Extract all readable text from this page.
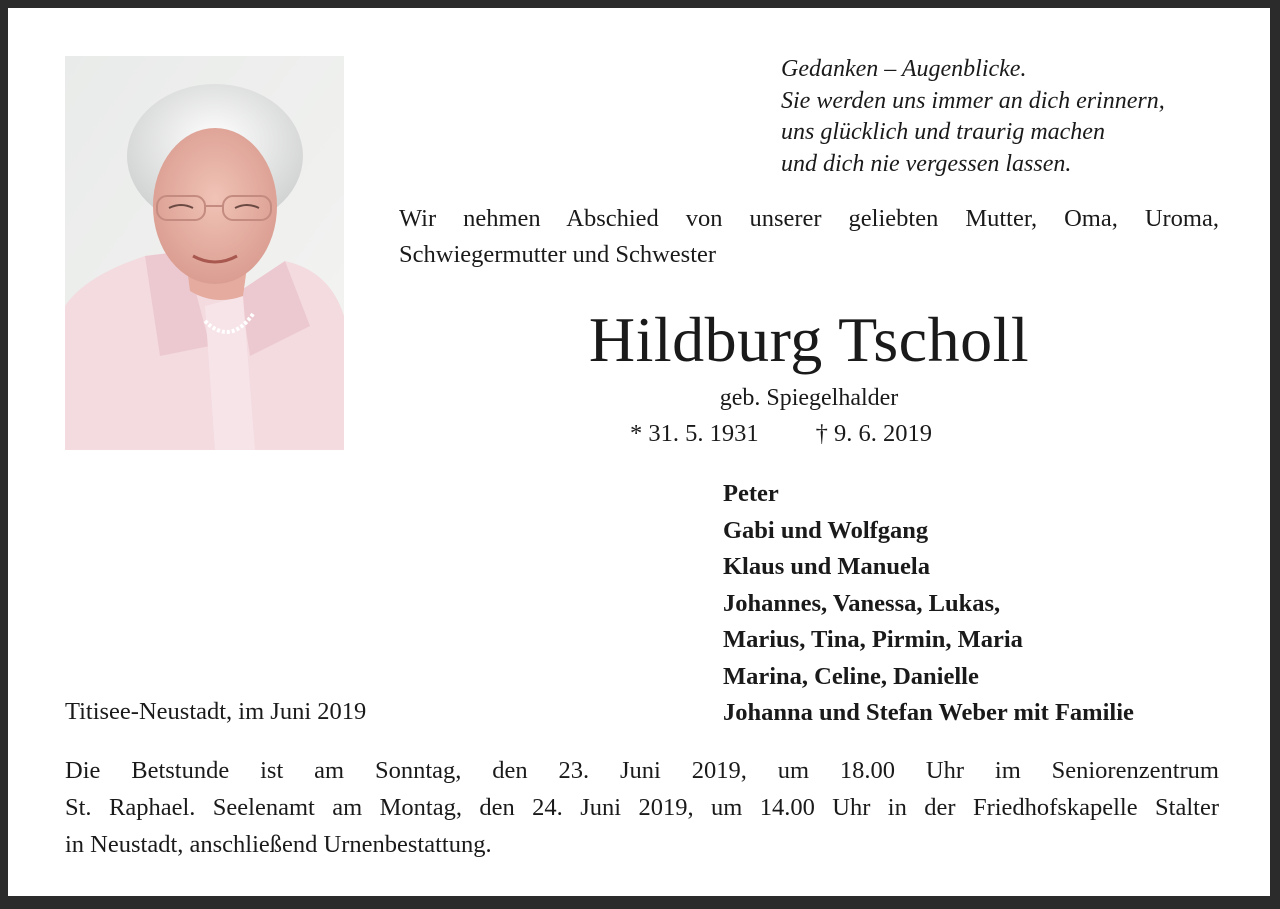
Gedanken – Augenblicke.
Sie werden uns immer an dich erinnern,
uns glücklich und traurig machen
und dich nie vergessen lassen.
Wir nehmen Abschied von unserer geliebten Mutter, Oma, Uroma,
Schwiegermutter und Schwester
Hildburg Tscholl
geb. Spiegelhalder
* 31. 5. 1931 † 9. 6. 2019
Peter
Gabi und Wolfgang
Klaus und Manuela
Johannes, Vanessa, Lukas,
Marius, Tina, Pirmin, Maria
Marina, Celine, Danielle
Johanna und Stefan Weber mit Familie
Titisee-Neustadt, im Juni 2019
Die Betstunde ist am Sonntag, den 23. Juni 2019, um 18.00 Uhr im Seniorenzentrum
St. Raphael. Seelenamt am Montag, den 24. Juni 2019, um 14.00 Uhr in der Friedhofskapelle Stalter
in Neustadt, anschließend Urnenbestattung.
